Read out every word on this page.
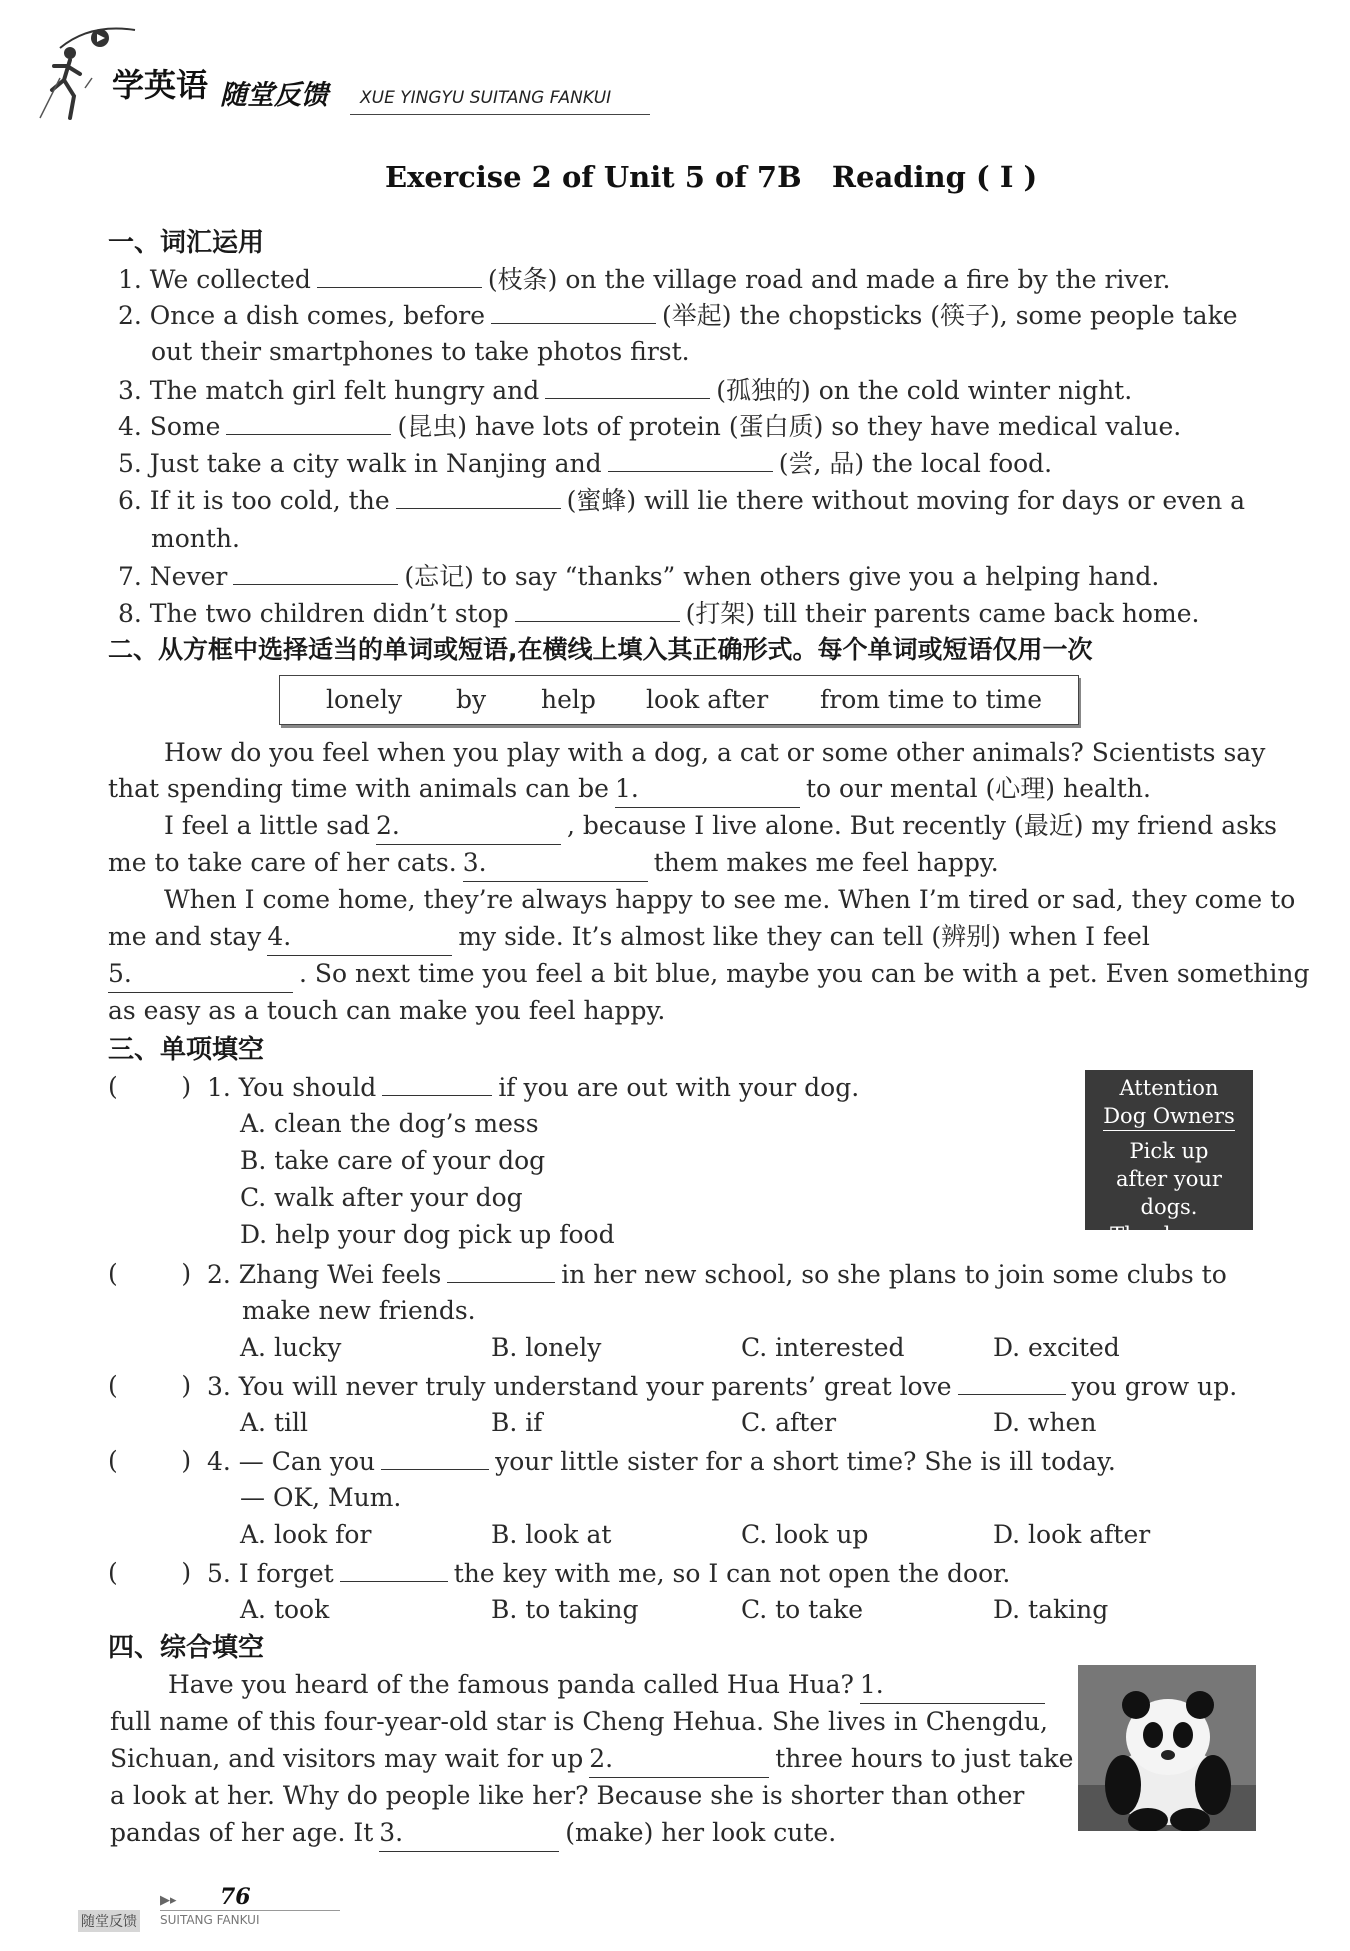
学英语 随堂反馈 XUE YINGYU SUITANG FANKUI
Exercise 2 of Unit 5 of 7B   Reading ( Ⅰ )
一、词汇运用
1. We collected	(枝条) on the village road and made a fire by the river.
2. Once a dish comes, before	(举起) the chopsticks (筷子), some people take
out their smartphones to take photos first.
3. The match girl felt hungry and	(孤独的) on the cold winter night.
4. Some	(昆虫) have lots of protein (蛋白质) so they have medical value.
5. Just take a city walk in Nanjing and	(尝, 品) the local food.
6. If it is too cold, the	(蜜蜂) will lie there without moving for days or even a
month.
7. Never	(忘记) to say “thanks” when others give you a helping hand.
8. The two children didn’t stop	(打架) till their parents came back home.
二、从方框中选择适当的单词或短语,在横线上填入其正确形式。每个单词或短语仅用一次
lonely by help look after from time to time
How do you feel when you play with a dog, a cat or some other animals? Scientists say
that spending time with animals can be 1.	to our mental (心理) health.
I feel a little sad 2.	, because I live alone. But recently (最近) my friend asks
me to take care of her cats. 3.	them makes me feel happy.
When I come home, they’re always happy to see me. When I’m tired or sad, they come to
me and stay 4.	my side. It’s almost like they can tell (辨别) when I feel
5.	. So next time you feel a bit blue, maybe you can be with a pet. Even something
as easy as a touch can make you feel happy.
三、单项填空
Attention
Dog Owners
Pick up
after your dogs.
Thank you.
(        ) 1. You should	if you are out with your dog.
A. clean the dog’s mess
B. take care of your dog
C. walk after your dog
D. help your dog pick up food
(        ) 2. Zhang Wei feels	in her new school, so she plans to join some clubs to
make new friends.
A. lucky	B. lonely	C. interested	D. excited
(        ) 3. You will never truly understand your parents’ great love	you grow up.
A. till	B. if	C. after	D. when
(        ) 4. — Can you	your little sister for a short time? She is ill today.
— OK, Mum.
A. look for	B. look at	C. look up	D. look after
(        ) 5. I forget	the key with me, so I can not open the door.
A. took	B. to taking	C. to take	D. taking
四、综合填空
Have you heard of the famous panda called Hua Hua? 1.
full name of this four-year-old star is Cheng Hehua. She lives in Chengdu,
Sichuan, and visitors may wait for up 2.	three hours to just take
a look at her. Why do people like her? Because she is shorter than other
pandas of her age. It 3.	(make) her look cute.
▶▸ 76
随堂反馈 SUITANG FANKUI
